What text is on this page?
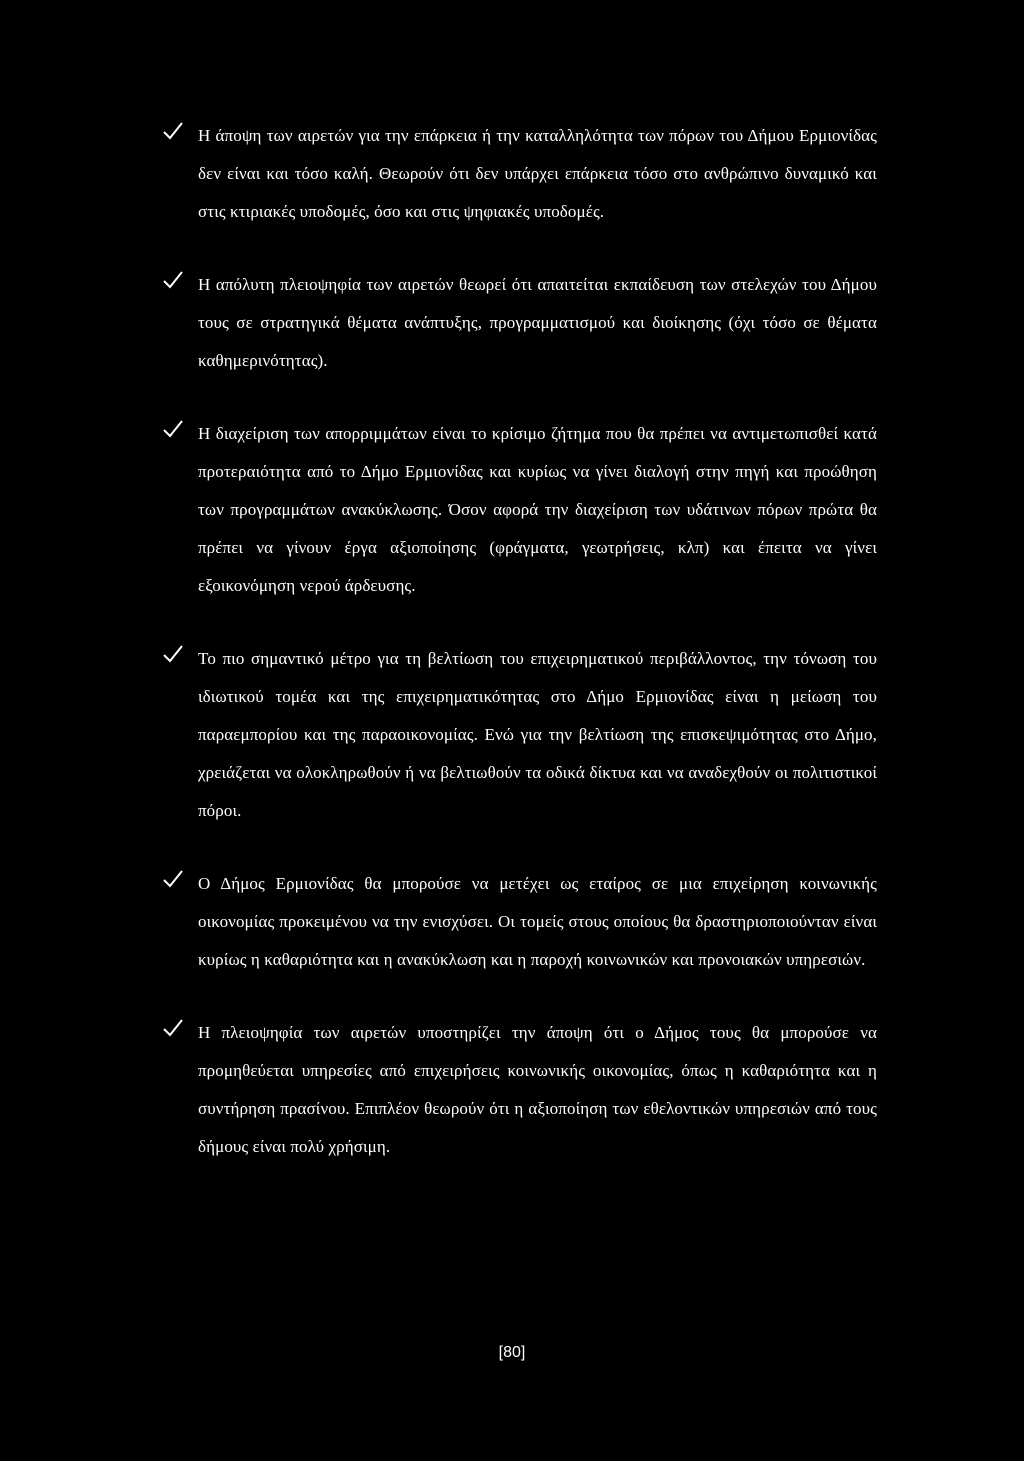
Η άποψη των αιρετών για την επάρκεια ή την καταλληλότητα των πόρων του Δήμου Ερμιονίδας δεν είναι και τόσο καλή. Θεωρούν ότι δεν υπάρχει επάρκεια τόσο στο ανθρώπινο δυναμικό και στις κτιριακές υποδομές, όσο και στις ψηφιακές υποδομές.
Η απόλυτη πλειοψηφία των αιρετών θεωρεί ότι απαιτείται εκπαίδευση των στελεχών του Δήμου τους σε στρατηγικά θέματα ανάπτυξης, προγραμματισμού και διοίκησης (όχι τόσο σε θέματα καθημερινότητας).
Η διαχείριση των απορριμμάτων είναι το κρίσιμο ζήτημα που θα πρέπει να αντιμετωπισθεί κατά προτεραιότητα από το Δήμο Ερμιονίδας και κυρίως να γίνει διαλογή στην πηγή και προώθηση των προγραμμάτων ανακύκλωσης. Όσον αφορά την διαχείριση των υδάτινων πόρων πρώτα θα πρέπει να γίνουν έργα αξιοποίησης (φράγματα, γεωτρήσεις, κλπ) και έπειτα να γίνει εξοικονόμηση νερού άρδευσης.
Το πιο σημαντικό μέτρο για τη βελτίωση του επιχειρηματικού περιβάλλοντος, την τόνωση του ιδιωτικού τομέα και της επιχειρηματικότητας στο Δήμο Ερμιονίδας είναι η μείωση του παραεμπορίου και της παραοικονομίας. Ενώ για την βελτίωση της επισκεψιμότητας στο Δήμο, χρειάζεται να ολοκληρωθούν ή να βελτιωθούν τα οδικά δίκτυα και να αναδεχθούν οι πολιτιστικοί πόροι.
Ο Δήμος Ερμιονίδας θα μπορούσε να μετέχει ως εταίρος σε μια επιχείρηση κοινωνικής οικονομίας προκειμένου να την ενισχύσει. Οι τομείς στους οποίους θα δραστηριοποιούνταν είναι κυρίως η καθαριότητα και η ανακύκλωση και η παροχή κοινωνικών και προνοιακών υπηρεσιών.
Η πλειοψηφία των αιρετών υποστηρίζει την άποψη ότι ο Δήμος τους θα μπορούσε να προμηθεύεται υπηρεσίες από επιχειρήσεις κοινωνικής οικονομίας, όπως η καθαριότητα και η συντήρηση πρασίνου. Επιπλέον θεωρούν ότι η αξιοποίηση των εθελοντικών υπηρεσιών από τους δήμους είναι πολύ χρήσιμη.
[80]
